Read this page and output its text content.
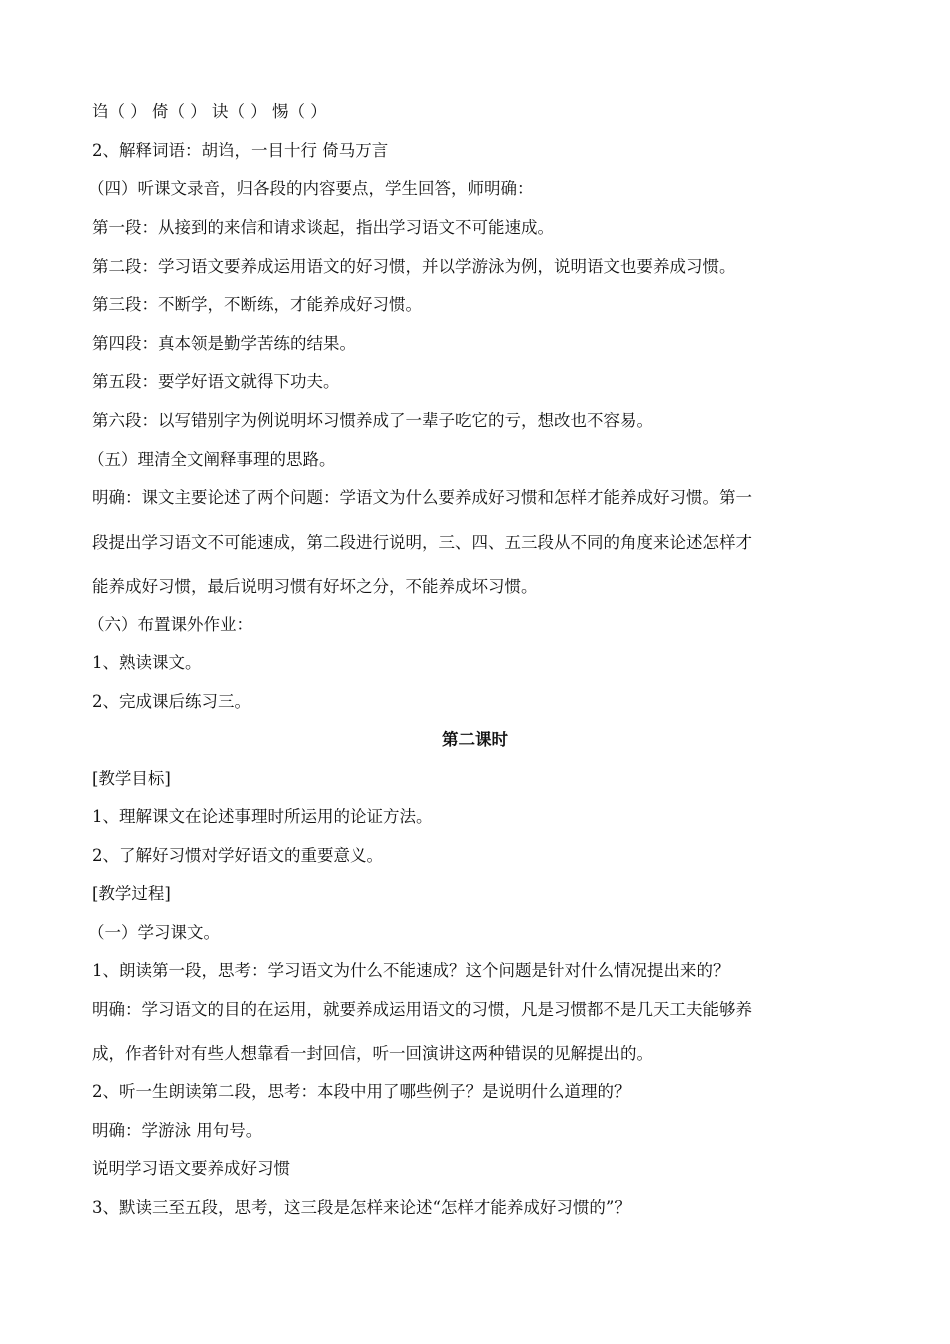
诌（ ） 倚（ ） 诀（ ） 惕（ ）
2、解释词语：胡诌，一目十行 倚马万言
（四）听课文录音，归各段的内容要点，学生回答，师明确：
第一段：从接到的来信和请求谈起，指出学习语文不可能速成。
第二段：学习语文要养成运用语文的好习惯，并以学游泳为例，说明语文也要养成习惯。
第三段：不断学，不断练，才能养成好习惯。
第四段：真本领是勤学苦练的结果。
第五段：要学好语文就得下功夫。
第六段：以写错别字为例说明坏习惯养成了一辈子吃它的亏，想改也不容易。
（五）理清全文阐释事理的思路。
明确：课文主要论述了两个问题：学语文为什么要养成好习惯和怎样才能养成好习惯。第一
段提出学习语文不可能速成，第二段进行说明，三、四、五三段从不同的角度来论述怎样才
能养成好习惯，最后说明习惯有好坏之分，不能养成坏习惯。
（六）布置课外作业：
1、熟读课文。
2、完成课后练习三。
第二课时
[教学目标]
1、理解课文在论述事理时所运用的论证方法。
2、了解好习惯对学好语文的重要意义。
[教学过程]
（一）学习课文。
1、朗读第一段，思考：学习语文为什么不能速成？这个问题是针对什么情况提出来的？
明确：学习语文的目的在运用，就要养成运用语文的习惯，凡是习惯都不是几天工夫能够养
成，作者针对有些人想靠看一封回信，听一回演讲这两种错误的见解提出的。
2、听一生朗读第二段，思考：本段中用了哪些例子？是说明什么道理的？
明确：学游泳 用句号。
说明学习语文要养成好习惯
3、默读三至五段，思考，这三段是怎样来论述“怎样才能养成好习惯的”？
